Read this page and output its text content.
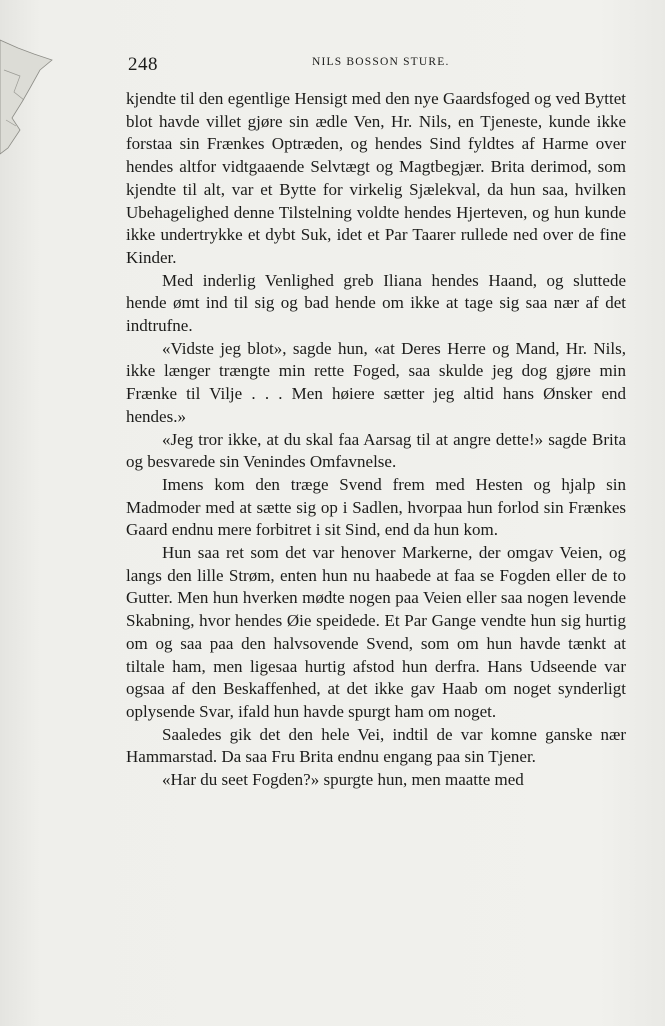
248	NILS BOSSON STURE.

kjendte til den egentlige Hensigt med den nye Gaardsfoged og ved Byttet blot havde villet gjøre sin ædle Ven, Hr. Nils, en Tjeneste, kunde ikke forstaa sin Frænkes Optræden, og hendes Sind fyldtes af Harme over hendes altfor vidtgaaende Selvtægt og Magtbegjær. Brita derimod, som kjendte til alt, var et Bytte for virkelig Sjælekval, da hun saa, hvilken Ubehagelighed denne Tilstelning voldte hendes Hjerteven, og hun kunde ikke undertrykke et dybt Suk, idet et Par Taarer rullede ned over de fine Kinder.

Med inderlig Venlighed greb Iliana hendes Haand, og sluttede hende ømt ind til sig og bad hende om ikke at tage sig saa nær af det indtrufne.

«Vidste jeg blot», sagde hun, «at Deres Herre og Mand, Hr. Nils, ikke længer trængte min rette Foged, saa skulde jeg dog gjøre min Frænke til Vilje . . . Men høiere sætter jeg altid hans Ønsker end hendes.»

«Jeg tror ikke, at du skal faa Aarsag til at angre dette!» sagde Brita og besvarede sin Venindes Omfavnelse.

Imens kom den træge Svend frem med Hesten og hjalp sin Madmoder med at sætte sig op i Sadlen, hvorpaa hun forlod sin Frænkes Gaard endnu mere forbitret i sit Sind, end da hun kom.

Hun saa ret som det var henover Markerne, der omgav Veien, og langs den lille Strøm, enten hun nu haabede at faa se Fogden eller de to Gutter. Men hun hverken mødte nogen paa Veien eller saa nogen levende Skabning, hvor hendes Øie speidede. Et Par Gange vendte hun sig hurtig om og saa paa den halvsovende Svend, som om hun havde tænkt at tiltale ham, men ligesaa hurtig afstod hun derfra. Hans Udseende var ogsaa af den Beskaffenhed, at det ikke gav Haab om noget synderligt oplysende Svar, ifald hun havde spurgt ham om noget.

Saaledes gik det den hele Vei, indtil de var komne ganske nær Hammarstad. Da saa Fru Brita endnu engang paa sin Tjener.

«Har du seet Fogden?» spurgte hun, men maatte med
